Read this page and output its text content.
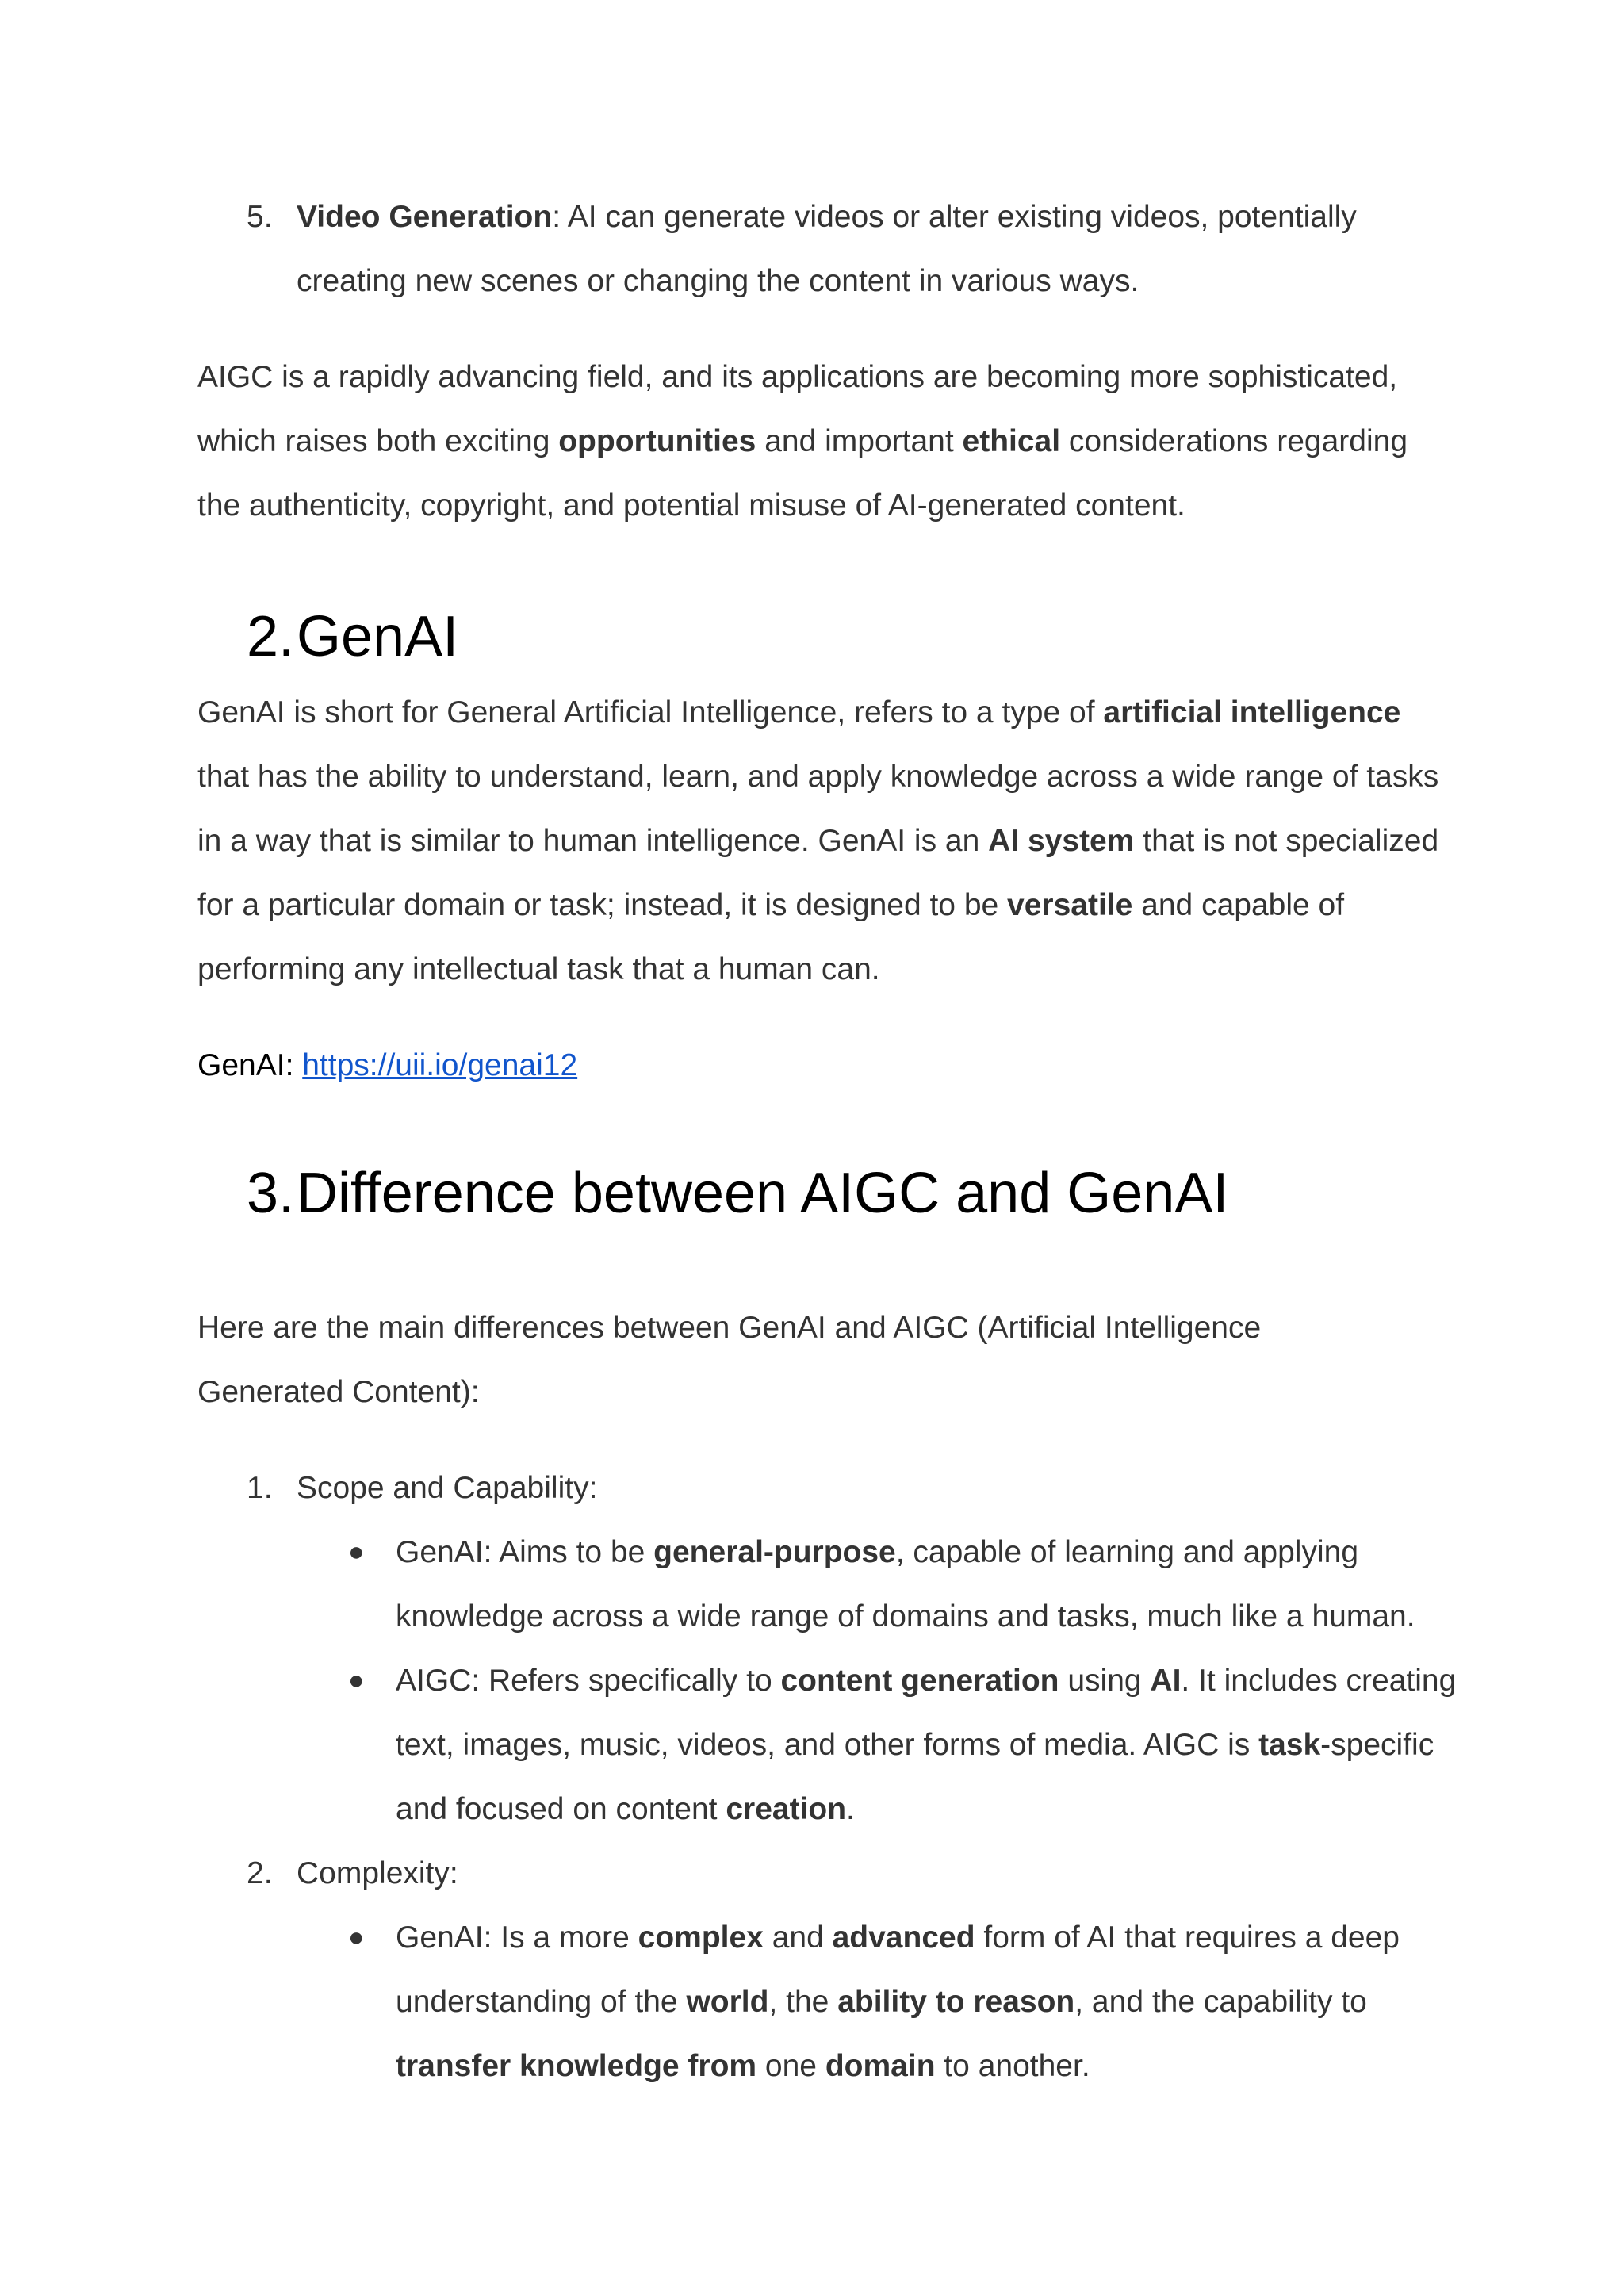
5. Video Generation: AI can generate videos or alter existing videos, potentially creating new scenes or changing the content in various ways.

AIGC is a rapidly advancing field, and its applications are becoming more sophisticated, which raises both exciting opportunities and important ethical considerations regarding the authenticity, copyright, and potential misuse of AI-generated content.

2. GenAI

GenAI is short for General Artificial Intelligence, refers to a type of artificial intelligence that has the ability to understand, learn, and apply knowledge across a wide range of tasks in a way that is similar to human intelligence. GenAI is an AI system that is not specialized for a particular domain or task; instead, it is designed to be versatile and capable of performing any intellectual task that a human can.

GenAI: https://uii.io/genai12

3. Difference between AIGC and GenAI

Here are the main differences between GenAI and AIGC (Artificial Intelligence Generated Content):

1. Scope and Capability:
● GenAI: Aims to be general-purpose, capable of learning and applying knowledge across a wide range of domains and tasks, much like a human.
● AIGC: Refers specifically to content generation using AI. It includes creating text, images, music, videos, and other forms of media. AIGC is task-specific and focused on content creation.
2. Complexity:
● GenAI: Is a more complex and advanced form of AI that requires a deep understanding of the world, the ability to reason, and the capability to transfer knowledge from one domain to another.
